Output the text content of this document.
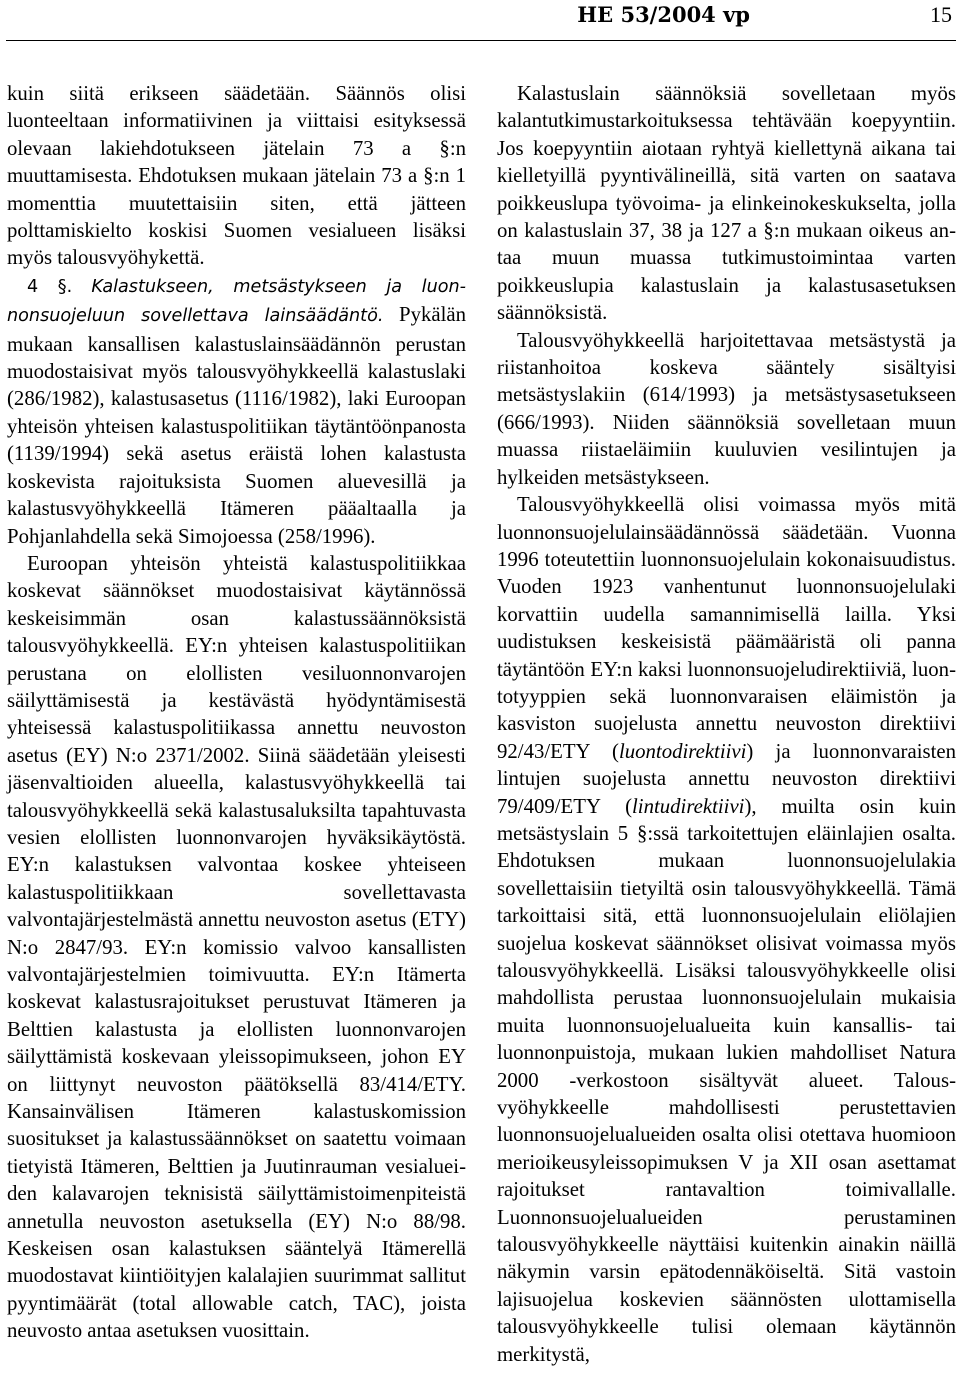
HE 53/2004 vp	15

kuin siitä erikseen säädetään. Säännös olisi luonteeltaan informatiivinen ja viittaisi esityksessä olevaan lakiehdotukseen jätelain 73 a §:n muuttamisesta. Ehdotuksen mukaan jätelain 73 a §:n 1 momenttia muutettaisiin siten, että jätteen polttamiskielto koskisi Suomen vesialueen lisäksi myös talousvyöhykettä.

4 §. Kalastukseen, metsästykseen ja luonnonsuojeluun sovellettava lainsäädäntö. Pykälän mukaan kansallisen kalastuslainsäädännön perustan muodostaisivat myös talousvyöhykkeellä kalastuslaki (286/1982), kalastusasetus (1116/1982), laki Euroopan yhteisön yhteisen kalastuspolitiikan täytäntöönpanosta (1139/1994) sekä asetus eräistä lohen kalastusta koskevista rajoituksista Suomen aluevesillä ja kalastusvyöhykkeellä Itämeren pääaltaalla ja Pohjanlahdella sekä Simojoessa (258/1996).

Euroopan yhteisön yhteistä kalastuspolitiikkaa koskevat säännökset muodostaisivat käytännössä keskeisimmän osan kalastussäännöksistä talousvyöhykkeellä. EY:n yhteisen kalastuspolitiikan perustana on elollisten vesiluonnonvarojen säilyttämisestä ja kestävästä hyödyntämisestä yhteisessä kalastuspolitiikassa annettu neuvoston asetus (EY) N:o 2371/2002. Siinä säädetään yleisesti jäsenvaltioiden alueella, kalastusvyöhykkeellä tai talousvyöhykkeellä sekä kalastusaluksilta tapahtuvasta vesien elollisten luonnonvarojen hyväksikäytöstä. EY:n kalastuksen valvontaa koskee yhteiseen kalastuspolitiikkaan sovellettavasta valvontajärjestelmästä annettu neuvoston asetus (ETY) N:o 2847/93. EY:n komissio valvoo kansallisten valvontajärjestelmien toimivuutta. EY:n Itämerta koskevat kalastusrajoitukset perustuvat Itämeren ja Belttien kalastusta ja elollisten luonnonvarojen säilyttämistä koskevaan yleissopimukseen, johon EY on liittynyt neuvoston päätöksellä 83/414/ETY. Kansainvälisen Itämeren kalastuskomission suositukset ja kalastussäännökset on saatettu voimaan tietyistä Itämeren, Belttien ja Juutinrauman vesialueiden kalavarojen teknisistä säilyttämistoimenpiteistä annetulla neuvoston asetuksella (EY) N:o 88/98. Keskeisen osan kalastuksen sääntelyä Itämerellä muodostavat kiintiöityjen kalalajien suurimmat sallitut pyyntimäärät (total allowable catch, TAC), joista neuvosto antaa asetuksen vuosittain.

Kalastuslain säännöksiä sovelletaan myös kalantutkimustarkoituksessa tehtävään koepyyntiin. Jos koepyyntiin aiotaan ryhtyä kiellettynä aikana tai kielletyillä pyyntivälineillä, sitä varten on saatava poikkeuslupa työvoima- ja elinkeinokeskukselta, jolla on kalastuslain 37, 38 ja 127 a §:n mukaan oikeus antaa muun muassa tutkimustoimintaa varten poikkeuslupia kalastuslain ja kalastusasetuksen säännöksistä.

Talousvyöhykkeellä harjoitettavaa metsästystä ja riistanhoitoa koskeva sääntely sisältyisi metsästyslakiin (614/1993) ja metsästysasetukseen (666/1993). Niiden säännöksiä sovelletaan muun muassa riistaeläimiin kuuluvien vesilintujen ja hylkeiden metsästykseen.

Talousvyöhykkeellä olisi voimassa myös mitä luonnonsuojelulainsäädännössä säädetään. Vuonna 1996 toteutettiin luonnonsuojelulain kokonaisuudistus. Vuoden 1923 vanhentunut luonnonsuojelulaki korvattiin uudella samannimisellä lailla. Yksi uudistuksen keskeisistä päämääristä oli panna täytäntöön EY:n kaksi luonnonsuojeludirektiiviä, luontotyyppien sekä luonnonvaraisen eläimistön ja kasviston suojelusta annettu neuvoston direktiivi 92/43/ETY (luontodirektiivi) ja luonnonvaraisten lintujen suojelusta annettu neuvoston direktiivi 79/409/ETY (lintudirektiivi), muilta osin kuin metsästyslain 5 §:ssä tarkoitettujen eläinlajien osalta. Ehdotuksen mukaan luonnonsuojelulakia sovellettaisiin tietyiltä osin talousvyöhykkeellä. Tämä tarkoittaisi sitä, että luonnonsuojelulain eliölajien suojelua koskevat säännökset olisivat voimassa myös talousvyöhykkeellä. Lisäksi talousvyöhykkeelle olisi mahdollista perustaa luonnonsuojelulain mukaisia muita luonnonsuojelualueita kuin kansallis- tai luonnonpuistoja, mukaan lukien mahdolliset Natura 2000 -verkostoon sisältyvät alueet. Talousvyöhykkeelle mahdollisesti perustettavien luonnonsuojelualueiden osalta olisi otettava huomioon merioikeusyleissopimuksen V ja XII osan asettamat rajoitukset rantavaltion toimivallalle. Luonnonsuojelualueiden perustaminen talousvyöhykkeelle näyttäisi kuitenkin ainakin näillä näkymin varsin epätodennäköiseltä. Sitä vastoin lajisuojelua koskevien säännösten ulottamisella talousvyöhykkeelle tulisi olemaan käytännön merkitystä,
